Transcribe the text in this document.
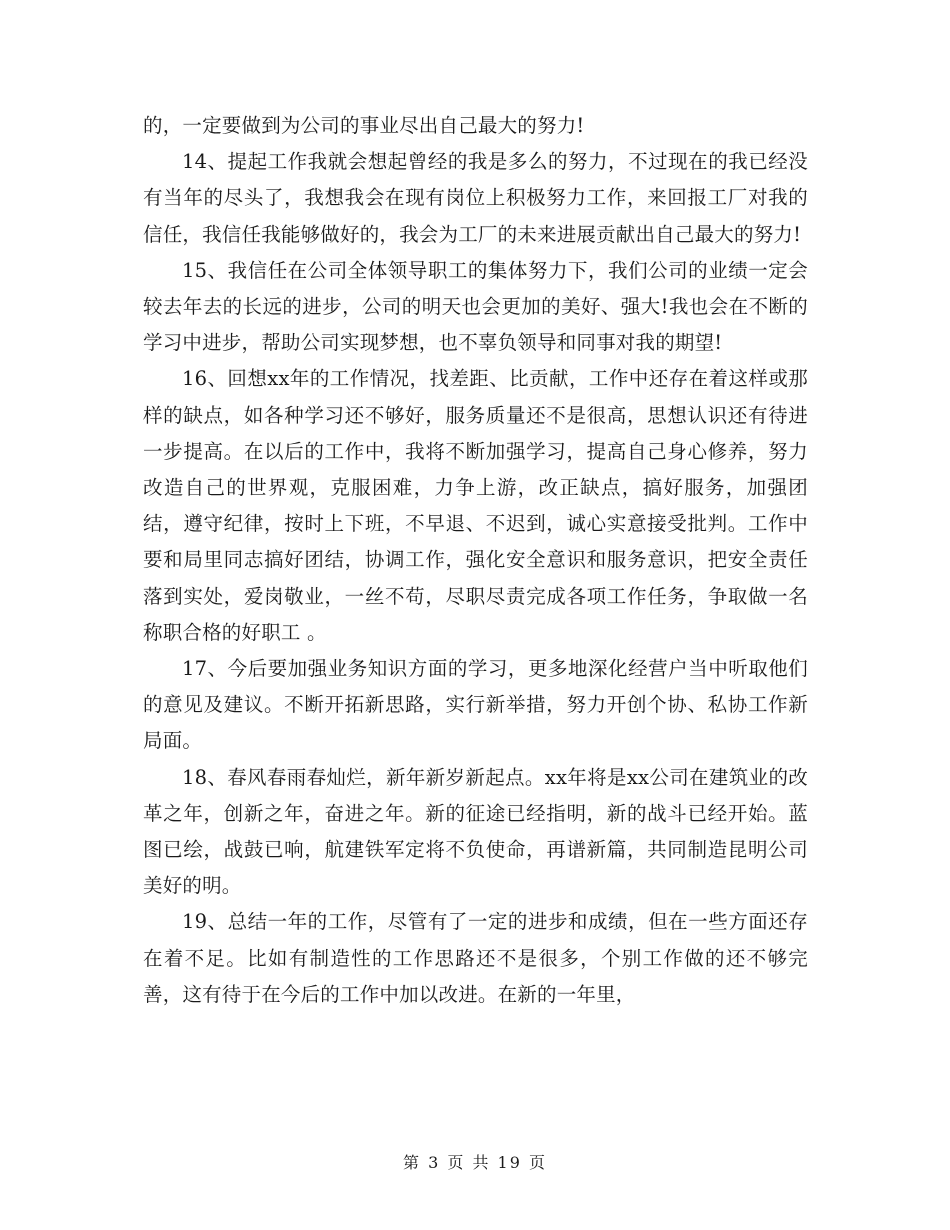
的，一定要做到为公司的事业尽出自己最大的努力!

14、提起工作我就会想起曾经的我是多么的努力，不过现在的我已经没有当年的尽头了，我想我会在现有岗位上积极努力工作，来回报工厂对我的信任，我信任我能够做好的，我会为工厂的未来进展贡献出自己最大的努力!

15、我信任在公司全体领导职工的集体努力下，我们公司的业绩一定会较去年去的长远的进步，公司的明天也会更加的美好、强大!我也会在不断的学习中进步，帮助公司实现梦想，也不辜负领导和同事对我的期望!

16、回想xx年的工作情况，找差距、比贡献，工作中还存在着这样或那样的缺点，如各种学习还不够好，服务质量还不是很高，思想认识还有待进一步提高。在以后的工作中，我将不断加强学习，提高自己身心修养，努力改造自己的世界观，克服困难，力争上游，改正缺点，搞好服务，加强团结，遵守纪律，按时上下班，不早退、不迟到，诚心实意接受批判。工作中要和局里同志搞好团结，协调工作，强化安全意识和服务意识，把安全责任落到实处，爱岗敬业，一丝不苟，尽职尽责完成各项工作任务，争取做一名称职合格的好职工 。

17、今后要加强业务知识方面的学习，更多地深化经营户当中听取他们的意见及建议。不断开拓新思路，实行新举措，努力开创个协、私协工作新局面。

18、春风春雨春灿烂，新年新岁新起点。xx年将是xx公司在建筑业的改革之年，创新之年，奋进之年。新的征途已经指明，新的战斗已经开始。蓝图已绘，战鼓已响，航建铁军定将不负使命，再谱新篇，共同制造昆明公司美好的明。

19、总结一年的工作，尽管有了一定的进步和成绩，但在一些方面还存在着不足。比如有制造性的工作思路还不是很多，个别工作做的还不够完善，这有待于在今后的工作中加以改进。在新的一年里，

第 3 页 共 19 页
